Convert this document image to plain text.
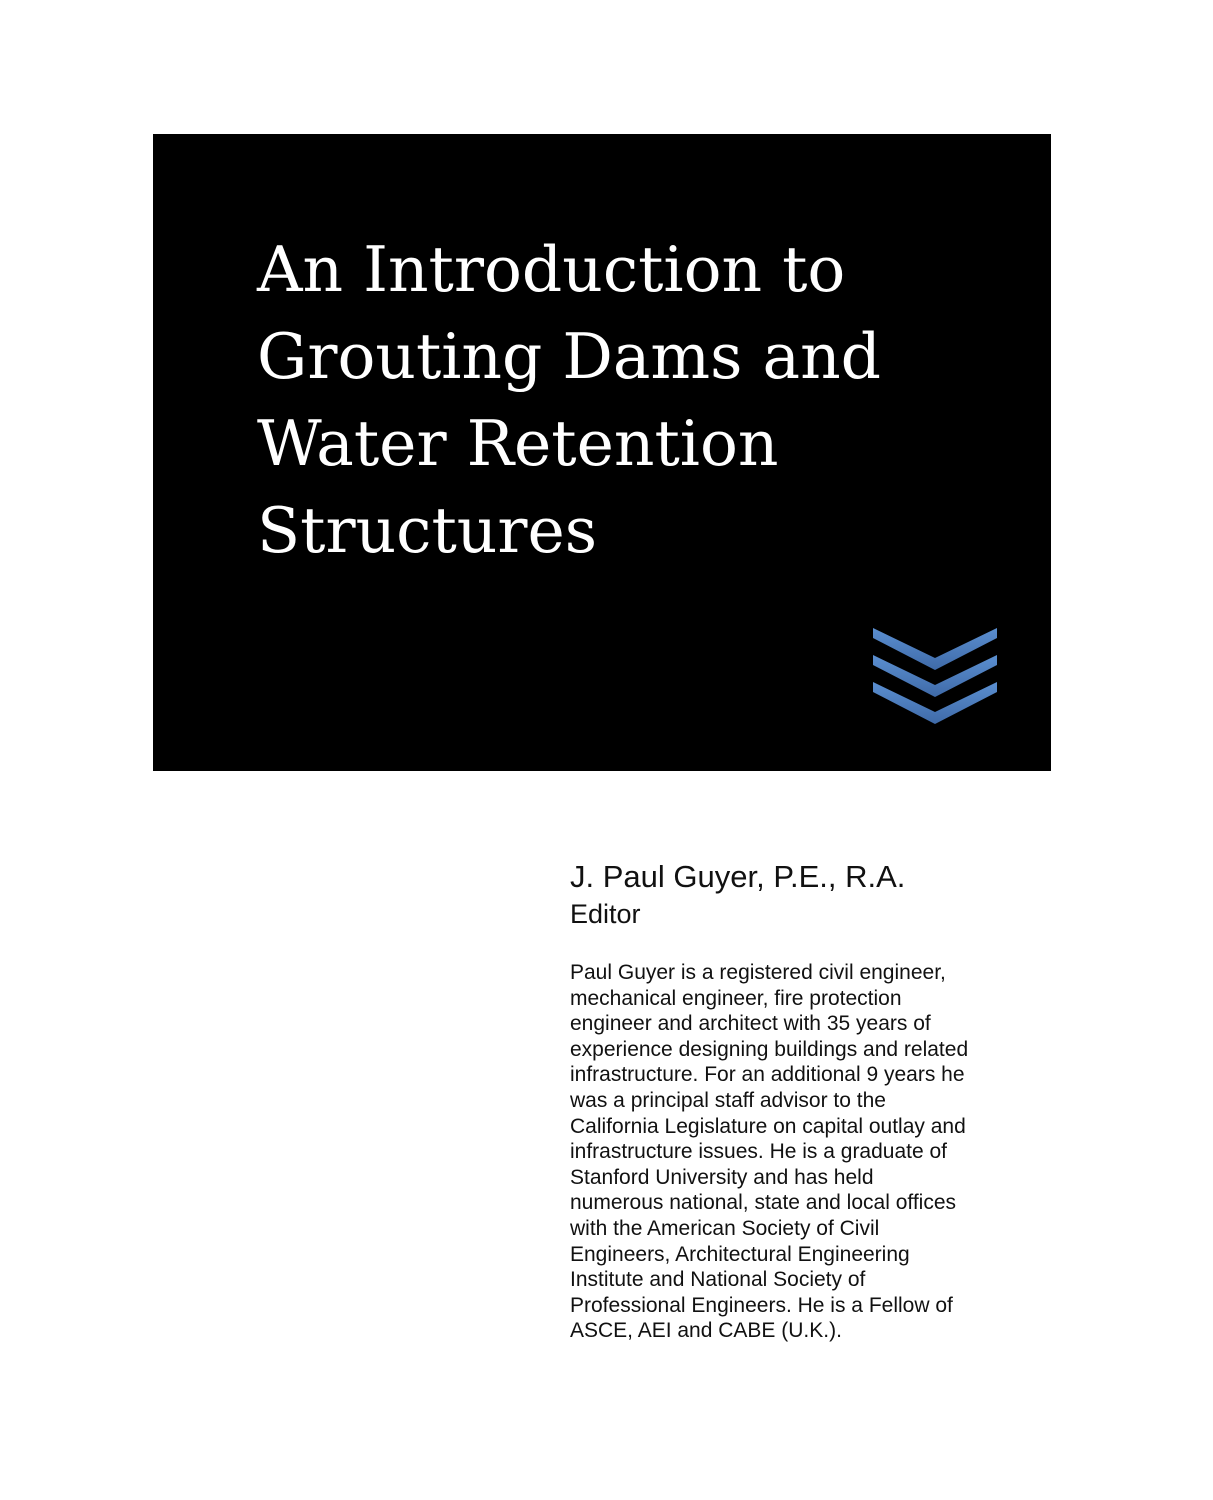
An Introduction to
Grouting Dams and
Water Retention
Structures
J. Paul Guyer, P.E., R.A.
Editor
Paul Guyer is a registered civil engineer,
mechanical engineer, fire protection
engineer and architect with 35 years of
experience designing buildings and related
infrastructure. For an additional 9 years he
was a principal staff advisor to the
California Legislature on capital outlay and
infrastructure issues. He is a graduate of
Stanford University and has held
numerous national, state and local offices
with the American Society of Civil
Engineers, Architectural Engineering
Institute and National Society of
Professional Engineers. He is a Fellow of
ASCE, AEI and CABE (U.K.).
